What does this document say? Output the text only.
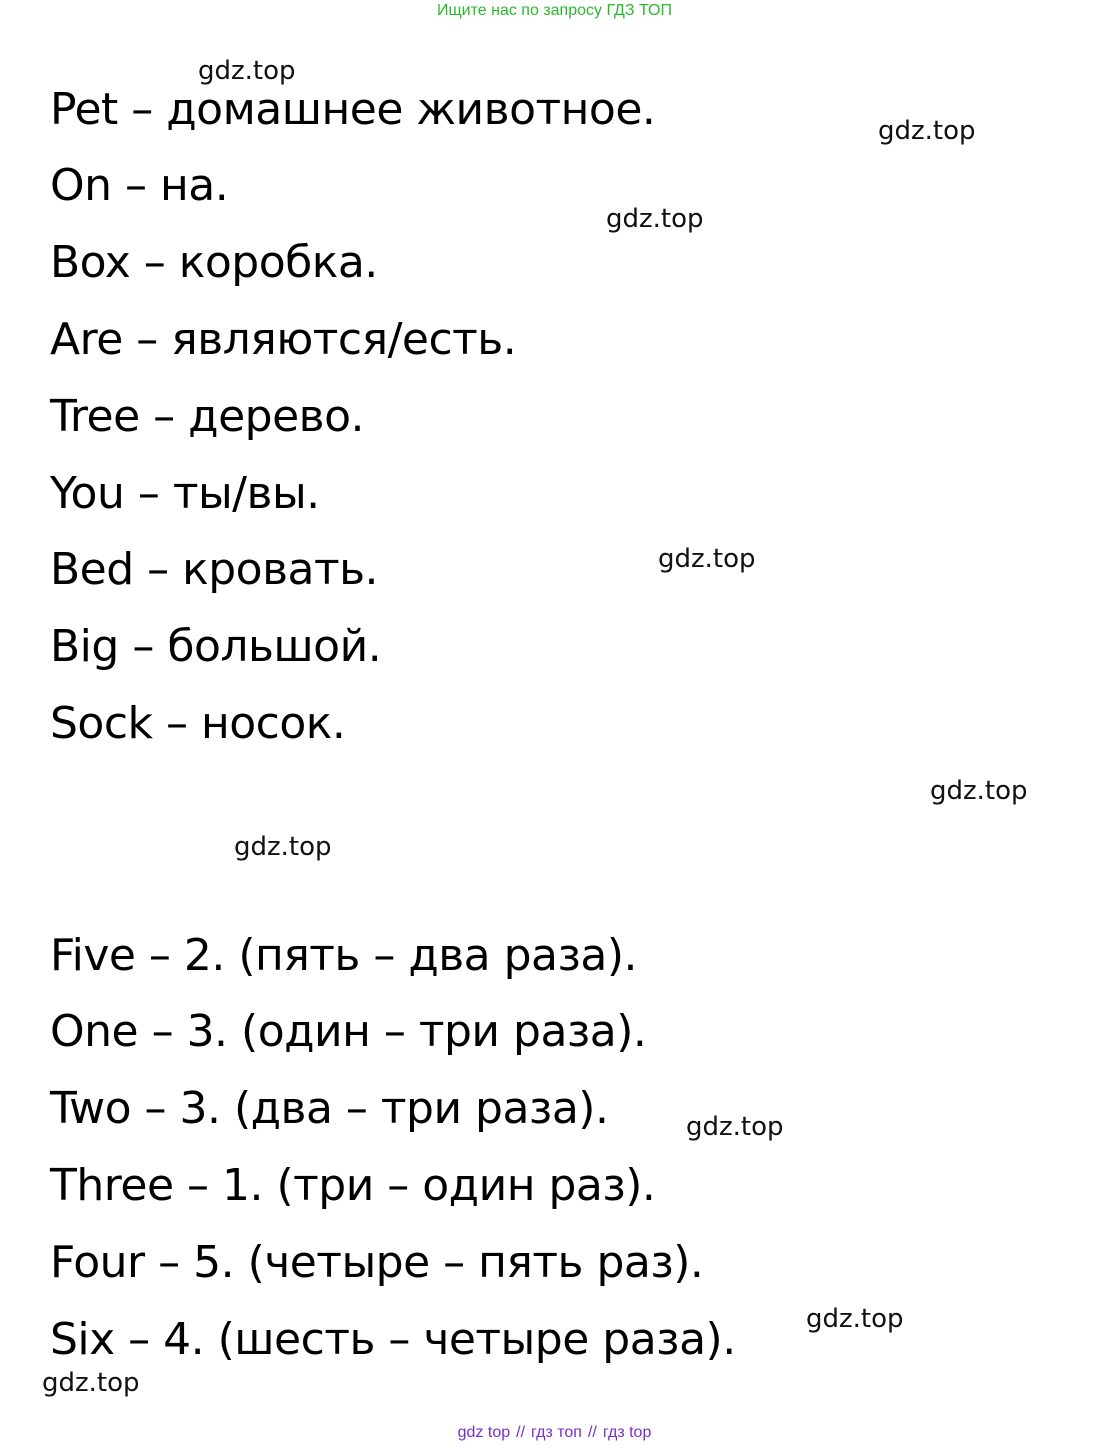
Ищите нас по запросу ГДЗ ТОП
Pet – домашнее животное.
On – на.
Box – коробка.
Are – являются/есть.
Tree – дерево.
You – ты/вы.
Bed – кровать.
Big – большой.
Sock – носок.
Five – 2. (пять – два раза).
One – 3. (один – три раза).
Two – 3. (два – три раза).
Three – 1. (три – один раз).
Four – 5. (четыре – пять раз).
Six – 4. (шесть – четыре раза).
gdz.top
gdz.top
gdz.top
gdz.top
gdz.top
gdz.top
gdz.top
gdz.top
gdz.top
gdz top // гдз топ // гдз top
